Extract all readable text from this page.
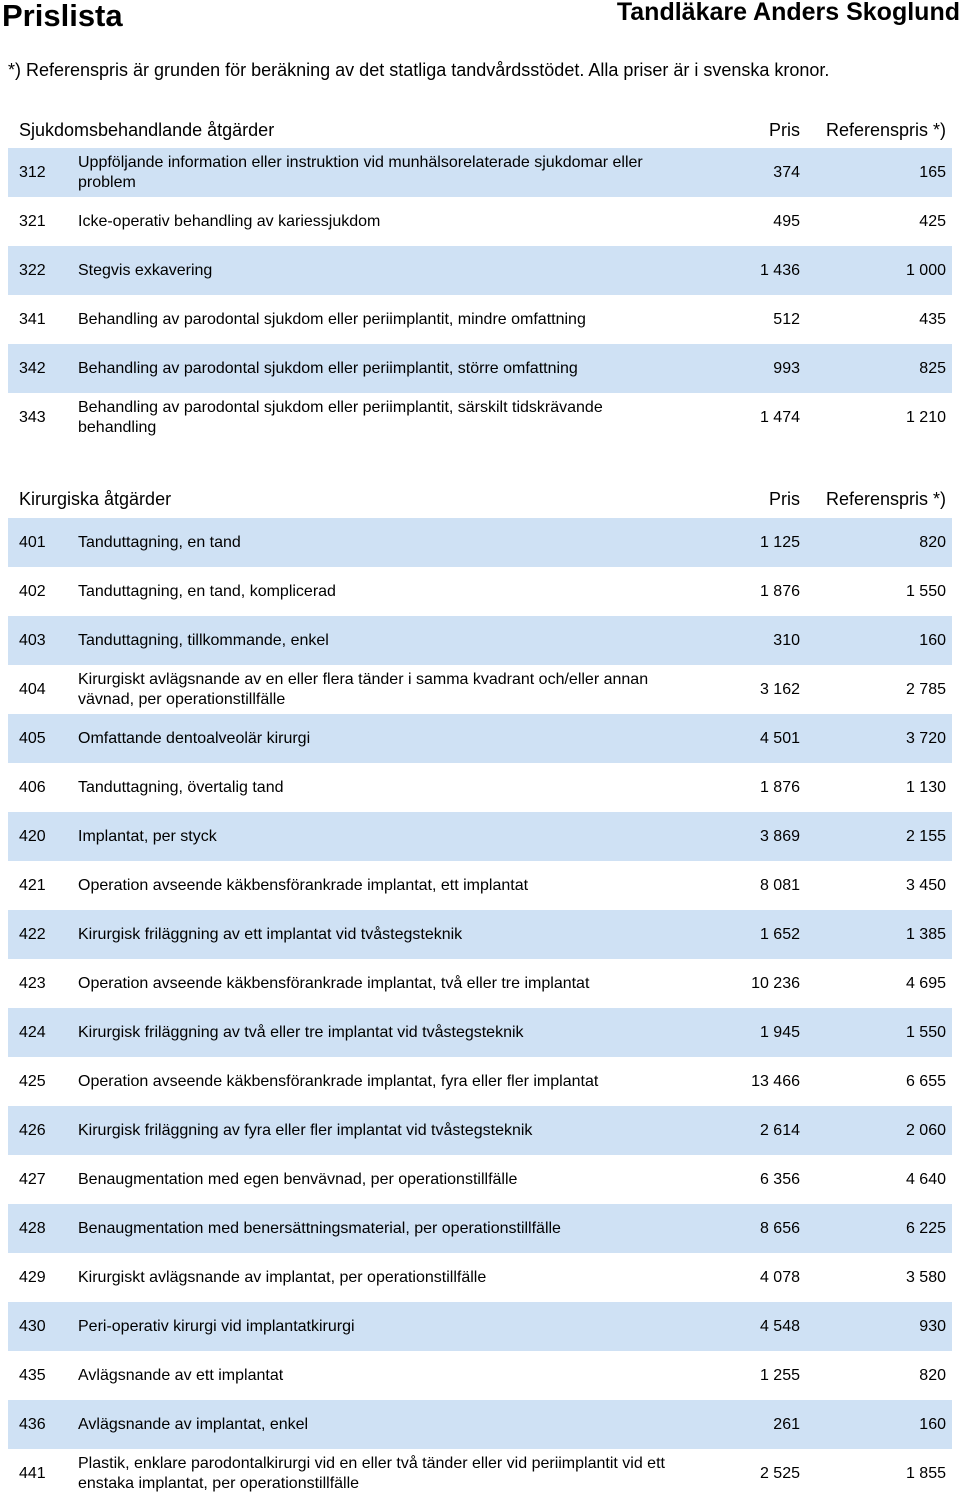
Prislista	Tandläkare Anders Skoglund
*) Referenspris är grunden för beräkning av det statliga tandvårdsstödet. Alla priser är i svenska kronor.
Sjukdomsbehandlande åtgärder	Pris Referenspris *)
312
Uppföljande information eller instruktion vid munhälsorelaterade sjukdomar eller problem
374	165
321 Icke-operativ behandling av kariessjukdom	495	425
322 Stegvis exkavering	1 436	1 000
341 Behandling av parodontal sjukdom eller periimplantit, mindre omfattning	512	435
342 Behandling av parodontal sjukdom eller periimplantit, större omfattning	993	825
343
Behandling av parodontal sjukdom eller periimplantit, särskilt tidskrävande behandling
1 474	1 210
Kirurgiska åtgärder	Pris Referenspris *)
401 Tanduttagning, en tand	1 125	820
402 Tanduttagning, en tand, komplicerad	1 876	1 550
403 Tanduttagning, tillkommande, enkel	310	160
404
Kirurgiskt avlägsnande av en eller flera tänder i samma kvadrant och/eller annan vävnad, per operationstillfälle
3 162	2 785
405 Omfattande dentoalveolär kirurgi	4 501	3 720
406 Tanduttagning, övertalig tand	1 876	1 130
420 Implantat, per styck	3 869	2 155
421 Operation avseende käkbensförankrade implantat, ett implantat	8 081	3 450
422 Kirurgisk friläggning av ett implantat vid tvåstegsteknik	1 652	1 385
423 Operation avseende käkbensförankrade implantat, två eller tre implantat	10 236	4 695
424 Kirurgisk friläggning av två eller tre implantat vid tvåstegsteknik	1 945	1 550
425 Operation avseende käkbensförankrade implantat, fyra eller fler implantat	13 466	6 655
426 Kirurgisk friläggning av fyra eller fler implantat vid tvåstegsteknik	2 614	2 060
427 Benaugmentation med egen benvävnad, per operationstillfälle	6 356	4 640
428 Benaugmentation med benersättningsmaterial, per operationstillfälle	8 656	6 225
429 Kirurgiskt avlägsnande av implantat, per operationstillfälle	4 078	3 580
430 Peri-operativ kirurgi vid implantatkirurgi	4 548	930
435 Avlägsnande av ett implantat	1 255	820
436 Avlägsnande av implantat, enkel	261	160
441
Plastik, enklare parodontalkirurgi vid en eller två tänder eller vid periimplantit vid ett enstaka implantat, per operationstillfälle
2 525	1 855
